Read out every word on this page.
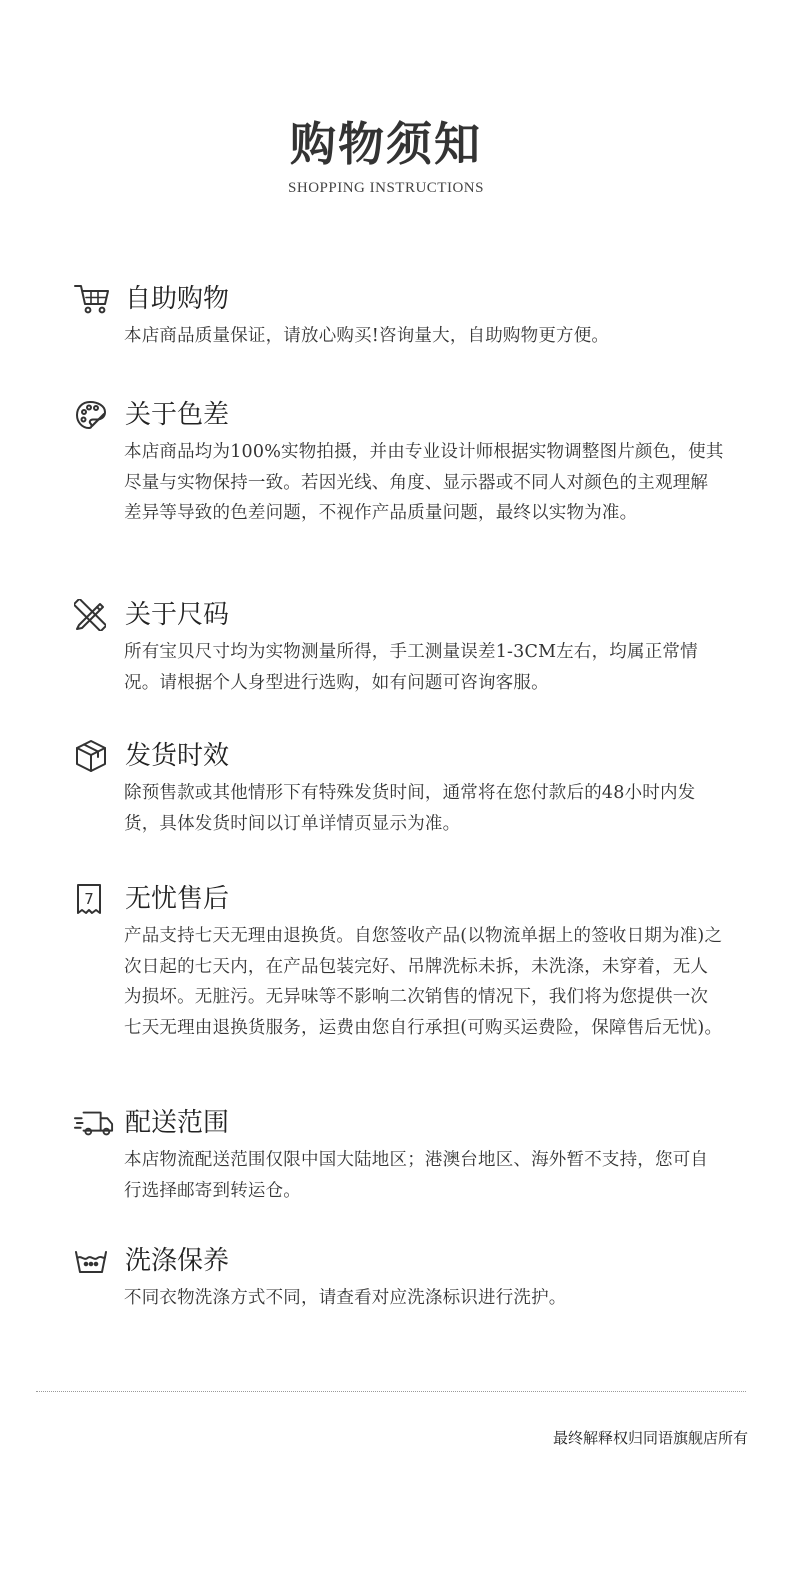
购物须知
SHOPPING INSTRUCTIONS
自助购物
本店商品质量保证，请放心购买!咨询量大，自助购物更方便。
关于色差
本店商品均为100%实物拍摄，并由专业设计师根据实物调整图片颜色，使其尽量与实物保持一致。若因光线、角度、显示器或不同人对颜色的主观理解差异等导致的色差问题，不视作产品质量问题，最终以实物为准。
关于尺码
所有宝贝尺寸均为实物测量所得，手工测量误差1-3CM左右，均属正常情况。请根据个人身型进行选购，如有问题可咨询客服。
发货时效
除预售款或其他情形下有特殊发货时间，通常将在您付款后的48小时内发货，具体发货时间以订单详情页显示为准。
7 无忧售后
产品支持七天无理由退换货。自您签收产品(以物流单据上的签收日期为准)之次日起的七天内，在产品包装完好、吊牌洗标未拆，未洗涤，未穿着，无人为损坏。无脏污。无异味等不影响二次销售的情况下，我们将为您提供一次七天无理由退换货服务，运费由您自行承担(可购买运费险，保障售后无忧)。
配送范围
本店物流配送范围仅限中国大陆地区；港澳台地区、海外暂不支持，您可自行选择邮寄到转运仓。
洗涤保养
不同衣物洗涤方式不同，请查看对应洗涤标识进行洗护。
最终解释权归同语旗舰店所有
